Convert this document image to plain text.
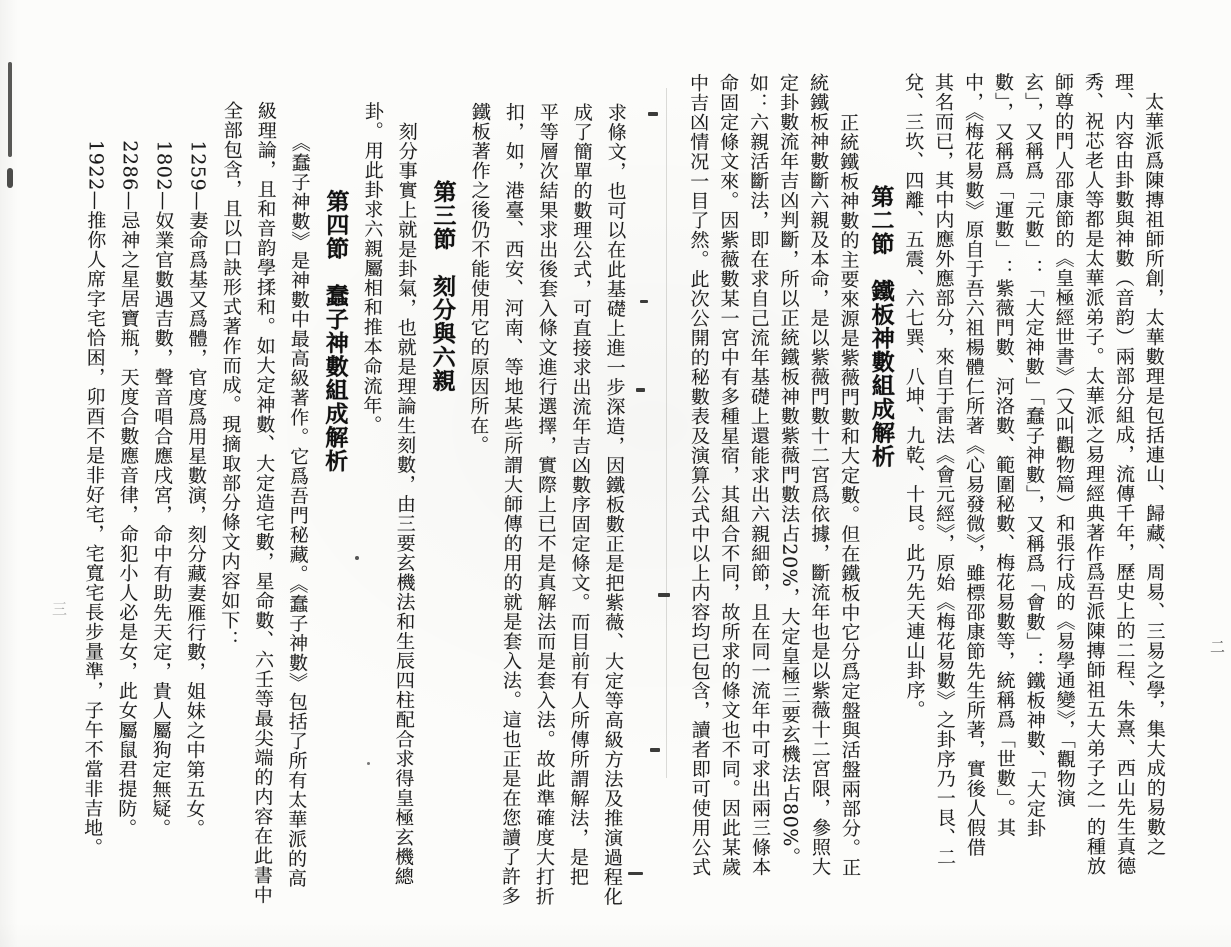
二
太華派爲陳摶祖師所創，太華數理是包括連山、歸藏、周易、三易之學，集大成的易數之
理、内容由卦數與神數（音韵）兩部分組成，流傳千年，歷史上的二程、朱熹、西山先生真德
秀、祝芯老人等都是太華派弟子。太華派之易理經典著作爲吾派陳摶師祖五大弟子之一的種放
師尊的門人邵康節的《皇極經世書》（又叫觀物篇）和張行成的《易學通變》，「觀物演
玄」，又稱爲「元數」：「大定神數」「蠢子神數」，又稱爲「會數」：鐵板神數、「大定卦
數」，又稱爲「運數」：紫薇門數、河洛數、範圍秘數、梅花易數等，統稱爲「世數」。其
中，《梅花易數》原自于吾六祖楊體仁所著《心易發微》，雖標邵康節先生所著，實後人假借
其名而已，其中内應外應部分，來自于雷法《會元經》，原始《梅花易數》之卦序乃一艮、二
兌、三坎、四離、五震、六七巽、八坤、九乾、十艮。此乃先天連山卦序。
第二節　鐵板神數組成解析
正統鐵板神數的主要來源是紫薇門數和大定數。但在鐵板中它分爲定盤與活盤兩部分。正
統鐵板神數斷六親及本命，是以紫薇門數十二宮爲依據，斷流年也是以紫薇十二宮限，參照大
定卦數流年吉凶判斷，所以正統鐵板神數紫薇門數法占20%，大定皇極三要玄機法占80%。
如：六親活斷法，即在求自己流年基礎上還能求出六親細節，且在同一流年中可求出兩三條本
命固定條文來。因紫薇數某一宮中有多種星宿，其組合不同，故所求的條文也不同。因此某歲
中吉凶情况一目了然。此次公開的秘數表及演算公式中以上内容均已包含，讀者即可使用公式
三	求條文，也可以在此基礎上進一步深造，因鐵板數正是把紫薇、大定等高級方法及推演過程化
成了簡單的數理公式，可直接求出流年吉凶數序固定條文。而目前有人所傳所謂解法，是把
平等層次結果求出後套入條文進行選擇，實際上已不是真解法而是套入法。故此準確度大打折
扣，如，港臺、西安、河南、等地某些所謂大師傳的用的就是套入法。這也正是在您讀了許多
鐵板著作之後仍不能使用它的原因所在。
第三節　刻分與六親
刻分事實上就是卦氣，也就是理論生刻數，由三要玄機法和生辰四柱配合求得皇極玄機總
卦。用此卦求六親屬相和推本命流年。
第四節　蠢子神數組成解析
《蠢子神數》是神數中最高級著作。它爲吾門秘藏。《蠢子神數》包括了所有太華派的高
級理論，且和音韵學揉和。如大定神數、大定造宅數，星命數、六壬等最尖端的内容在此書中
全部包含，且以口訣形式著作而成。現摘取部分條文内容如下：
1259—妻命爲基又爲體，官度爲用星數演，刻分藏妻雁行數，姐妹之中第五女。
1802—奴業官數遇吉數，聲音唱合應戌宮，命中有助先天定，貴人屬狗定無疑。
2286—忌神之星居寶瓶，天度合數應音律，命犯小人必是女，此女屬鼠君提防。
1922—推你人席字宅恰困，卯酉不是非好宅，宅寬宅長步量準，子午不當非吉地。
